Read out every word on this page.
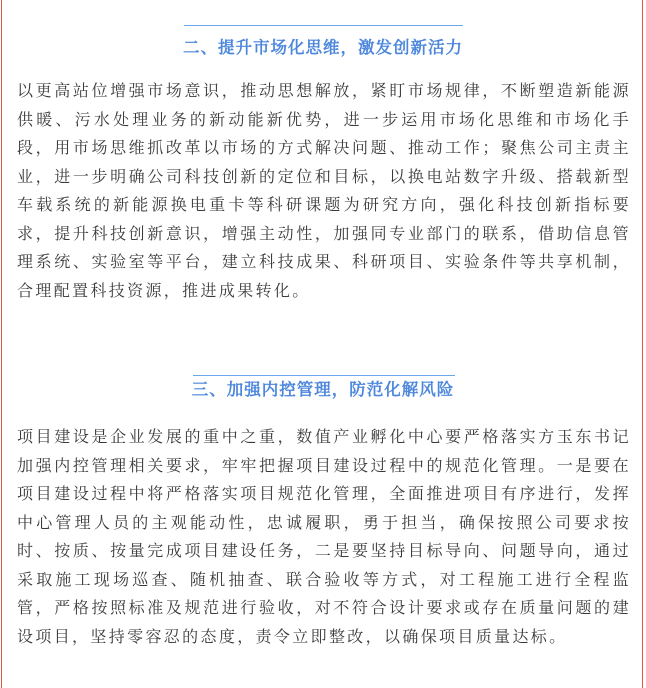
二、提升市场化思维，激发创新活力

以更高站位增强市场意识，推动思想解放，紧盯市场规律，不断塑造新能源供暖、污水处理业务的新动能新优势，进一步运用市场化思维和市场化手段，用市场思维抓改革以市场的方式解决问题、推动工作；聚焦公司主责主业，进一步明确公司科技创新的定位和目标，以换电站数字升级、搭载新型车载系统的新能源换电重卡等科研课题为研究方向，强化科技创新指标要求，提升科技创新意识，增强主动性，加强同专业部门的联系，借助信息管理系统、实验室等平台，建立科技成果、科研项目、实验条件等共享机制，合理配置科技资源，推进成果转化。

三、加强内控管理，防范化解风险

项目建设是企业发展的重中之重，数值产业孵化中心要严格落实方玉东书记加强内控管理相关要求，牢牢把握项目建设过程中的规范化管理。一是要在项目建设过程中将严格落实项目规范化管理，全面推进项目有序进行，发挥中心管理人员的主观能动性，忠诚履职，勇于担当，确保按照公司要求按时、按质、按量完成项目建设任务，二是要坚持目标导向、问题导向，通过采取施工现场巡查、随机抽查、联合验收等方式，对工程施工进行全程监管，严格按照标准及规范进行验收，对不符合设计要求或存在质量问题的建设项目，坚持零容忍的态度，责令立即整改，以确保项目质量达标。
